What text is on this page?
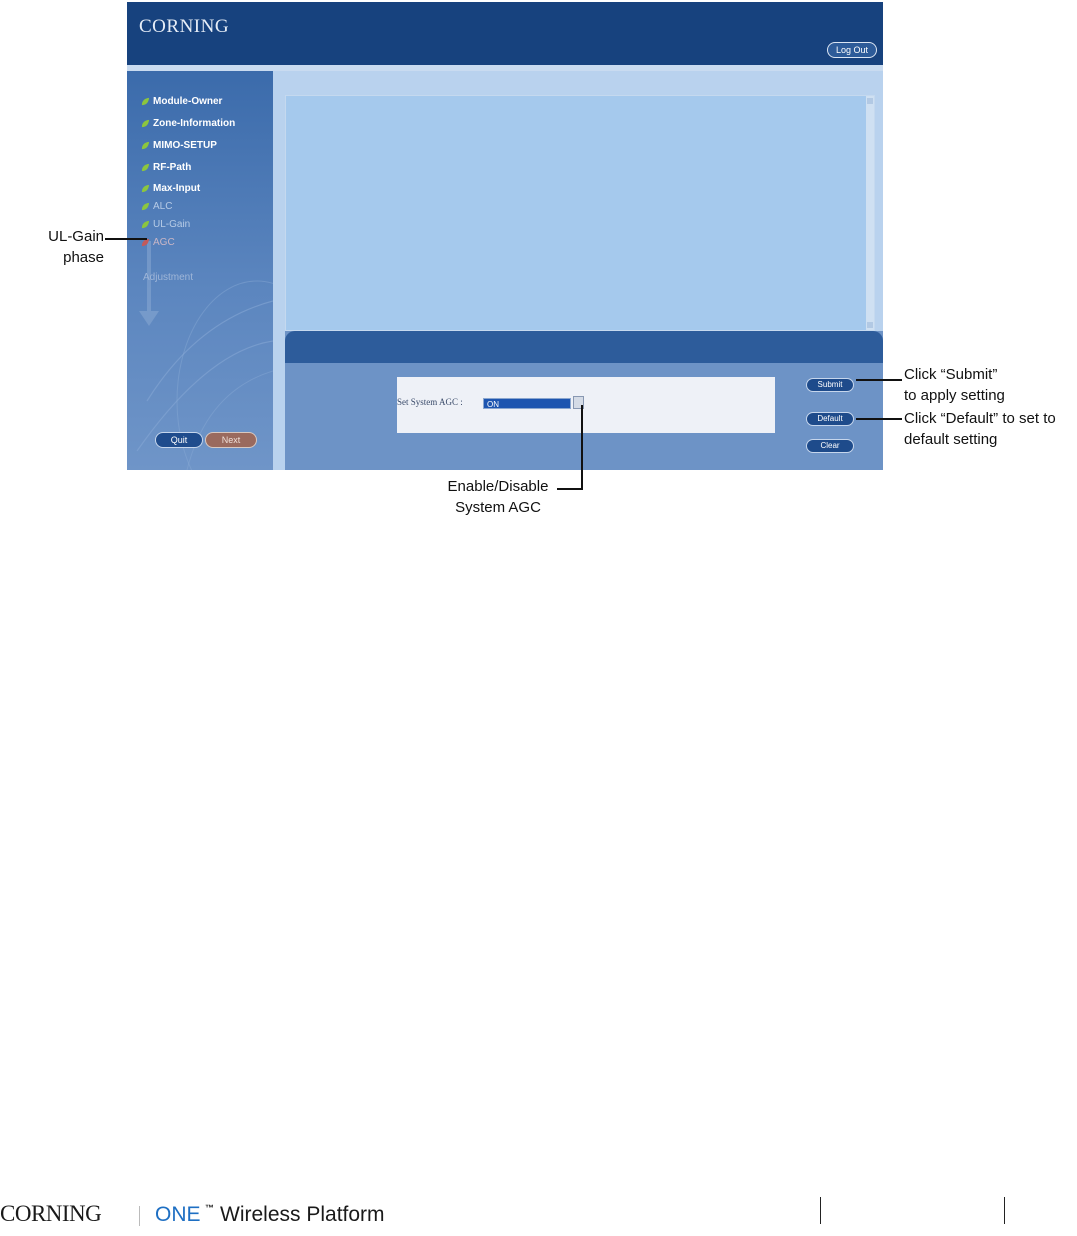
CORNING
Log Out
Module-Owner
Zone-Information
MIMO-SETUP
RF-Path
Max-Input
ALC
UL-Gain
AGC
Adjustment
Quit	Next
Set System AGC :	ON
Submit
Default
Clear
UL-Gain
phase
Click “Submit”
to apply setting
Click “Default” to set to
default setting
Enable/Disable
System AGC
CORNING	ONE ™ Wireless Platform
